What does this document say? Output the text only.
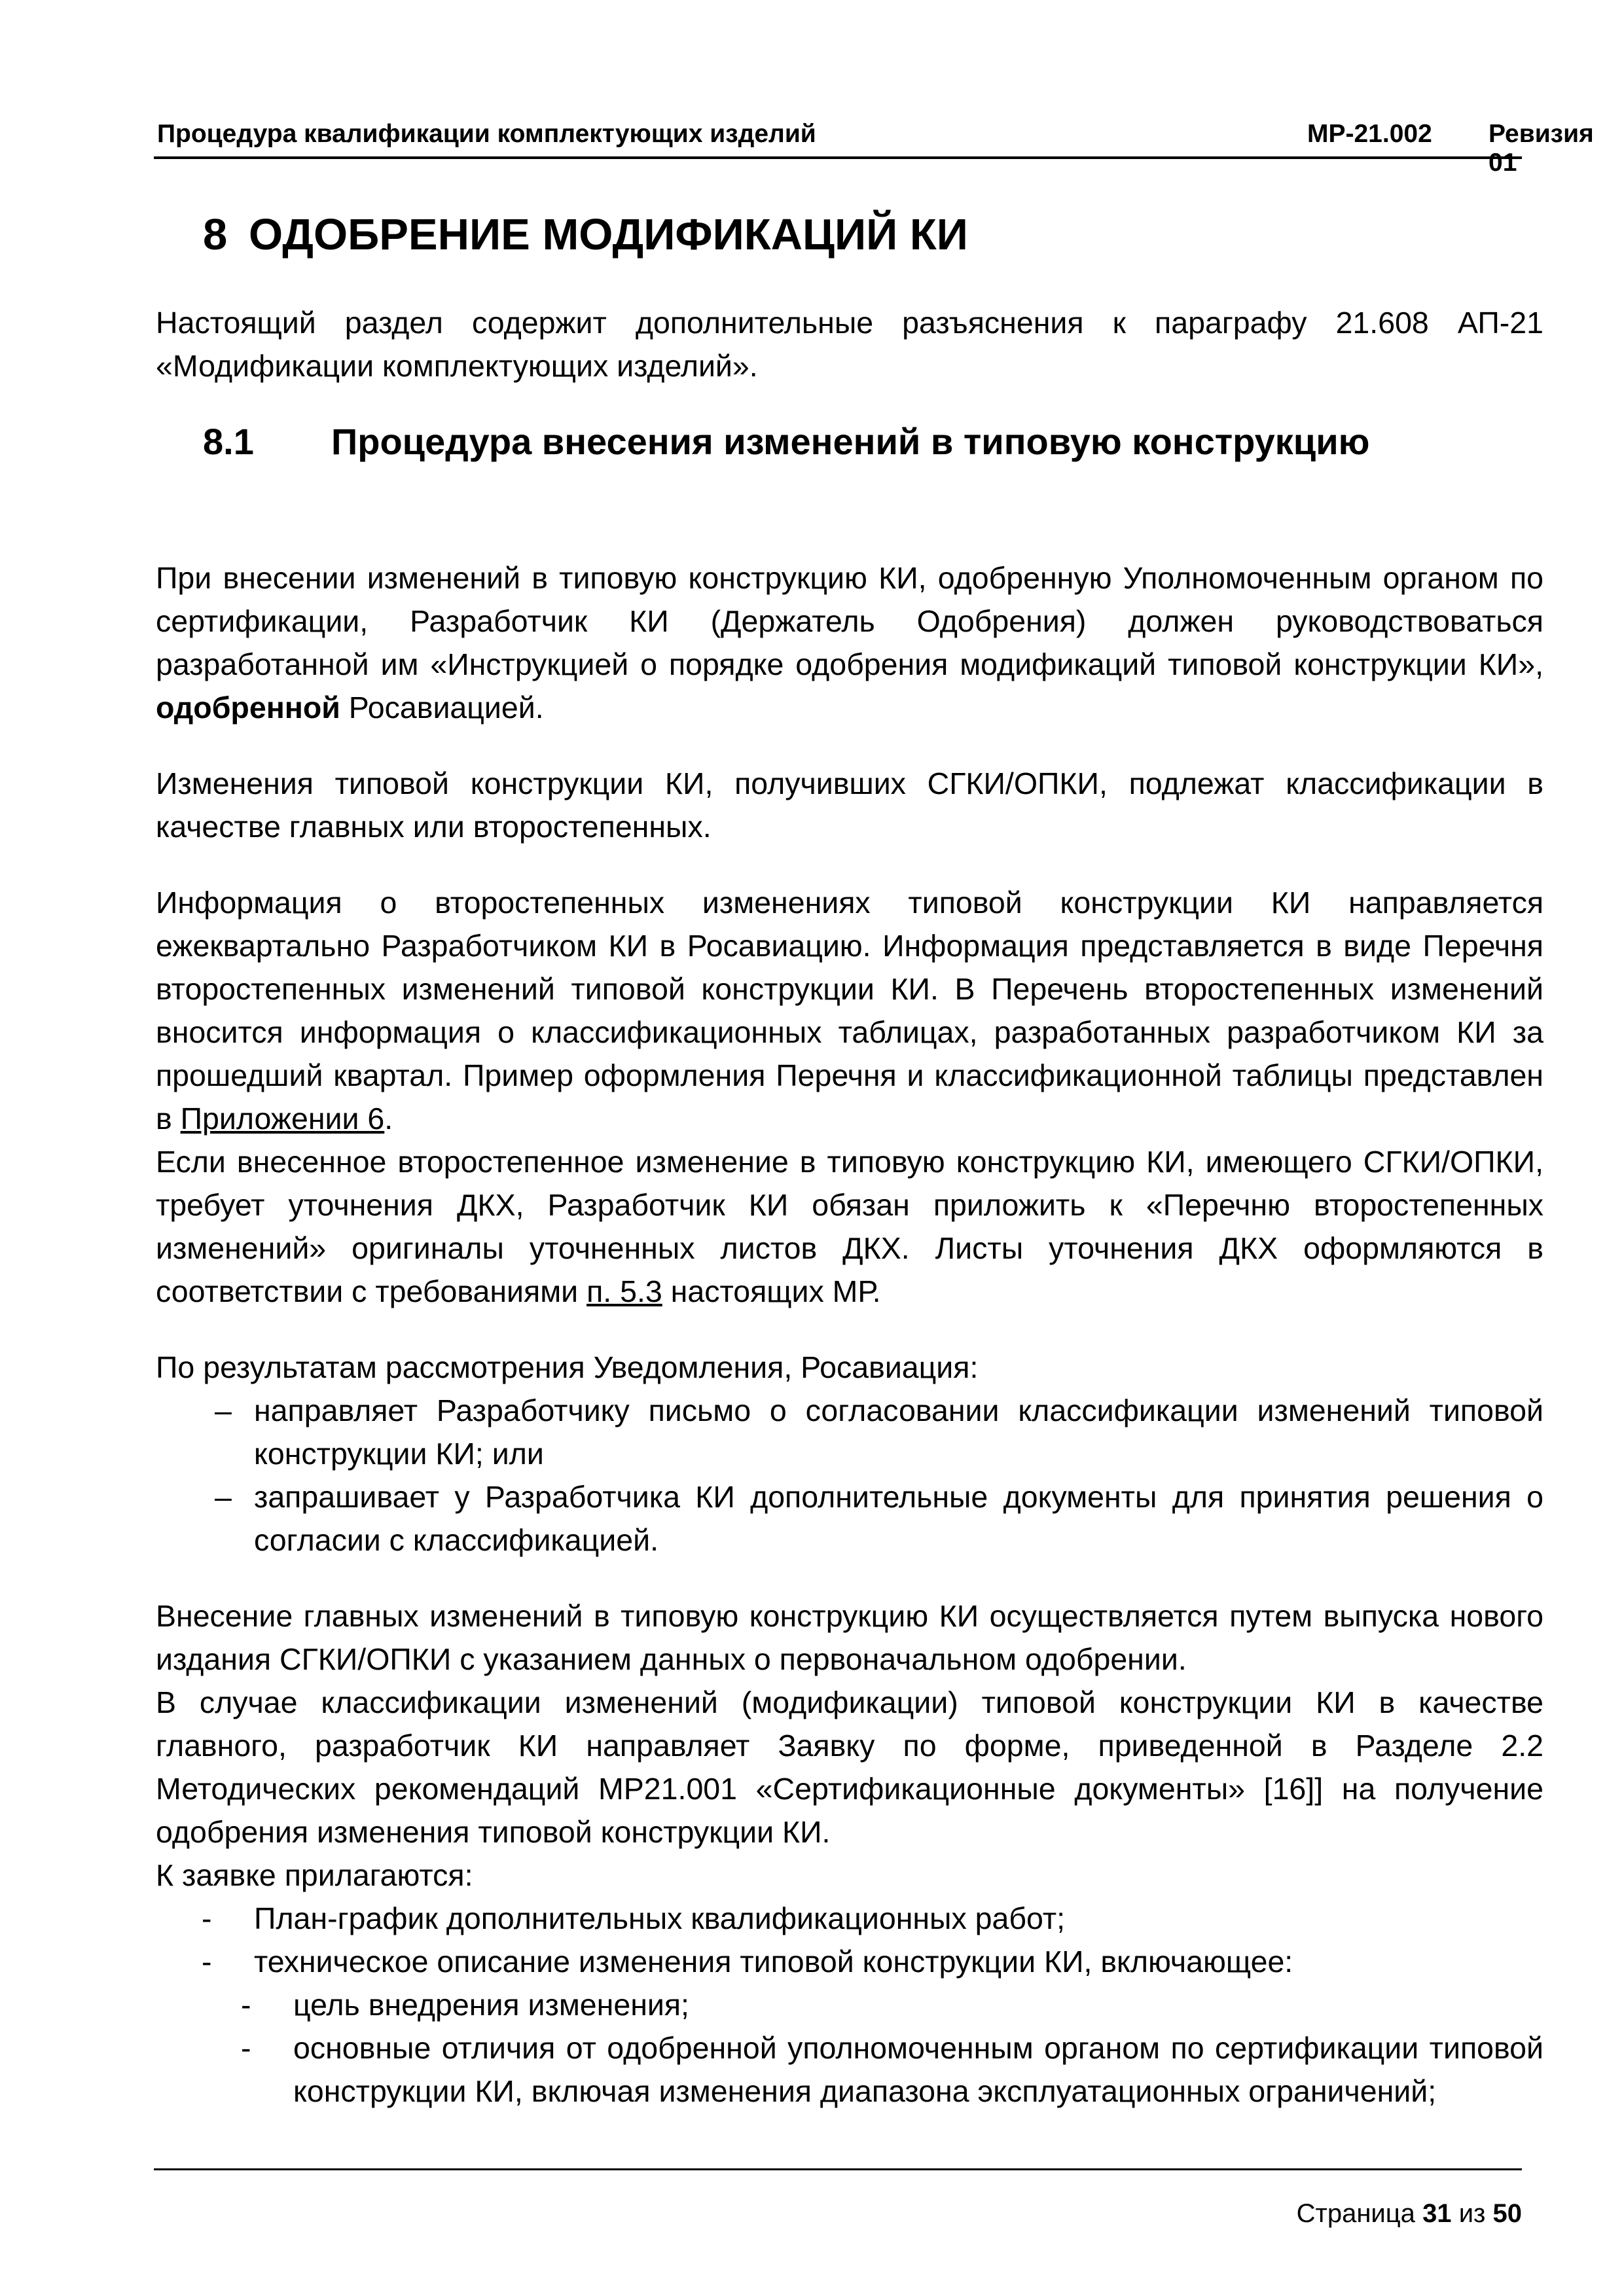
Процедура квалификации комплектующих изделий	МР-21.002 Ревизия 01
8 ОДОБРЕНИЕ МОДИФИКАЦИЙ КИ
8.1 Процедура внесения изменений в типовую конструкцию

Настоящий раздел содержит дополнительные разъяснения к параграфу 21.608 АП-21 «Модификации комплектующих изделий».

При внесении изменений в типовую конструкцию КИ, одобренную Уполномоченным органом по сертификации, Разработчик КИ (Держатель Одобрения) должен руководствоваться разработанной им «Инструкцией о порядке одобрения модификаций типовой конструкции КИ», одобренной Росавиацией.

Изменения типовой конструкции КИ, получивших СГКИ/ОПКИ, подлежат классификации в качестве главных или второстепенных.

Информация о второстепенных изменениях типовой конструкции КИ направляется ежеквартально Разработчиком КИ в Росавиацию. Информация представляется в виде Перечня второстепенных изменений типовой конструкции КИ. В Перечень второстепенных изменений вносится информация о классификационных таблицах, разработанных разработчиком КИ за прошедший квартал. Пример оформления Перечня и классификационной таблицы представлен в Приложении 6.

Если внесенное второстепенное изменение в типовую конструкцию КИ, имеющего СГКИ/ОПКИ, требует уточнения ДКХ, Разработчик КИ обязан приложить к «Перечню второстепенных изменений» оригиналы уточненных листов ДКХ. Листы уточнения ДКХ оформляются в соответствии с требованиями п. 5.3 настоящих МР.

По результатам рассмотрения Уведомления, Росавиация:

– направляет Разработчику письмо о согласовании классификации изменений типовой конструкции КИ; или
– запрашивает у Разработчика КИ дополнительные документы для принятия решения о согласии с классификацией.

Внесение главных изменений в типовую конструкцию КИ осуществляется путем выпуска нового издания СГКИ/ОПКИ с указанием данных о первоначальном одобрении.

В случае классификации изменений (модификации) типовой конструкции КИ в качестве главного, разработчик КИ направляет Заявку по форме, приведенной в Разделе 2.2 Методических рекомендаций МР21.001 «Сертификационные документы» [16]] на получение одобрения изменения типовой конструкции КИ.

К заявке прилагаются:

- План-график дополнительных квалификационных работ;
- техническое описание изменения типовой конструкции КИ, включающее:
- цель внедрения изменения;
- основные отличия от одобренной уполномоченным органом по сертификации типовой конструкции КИ, включая изменения диапазона эксплуатационных ограничений;
Страница 31 из 50
